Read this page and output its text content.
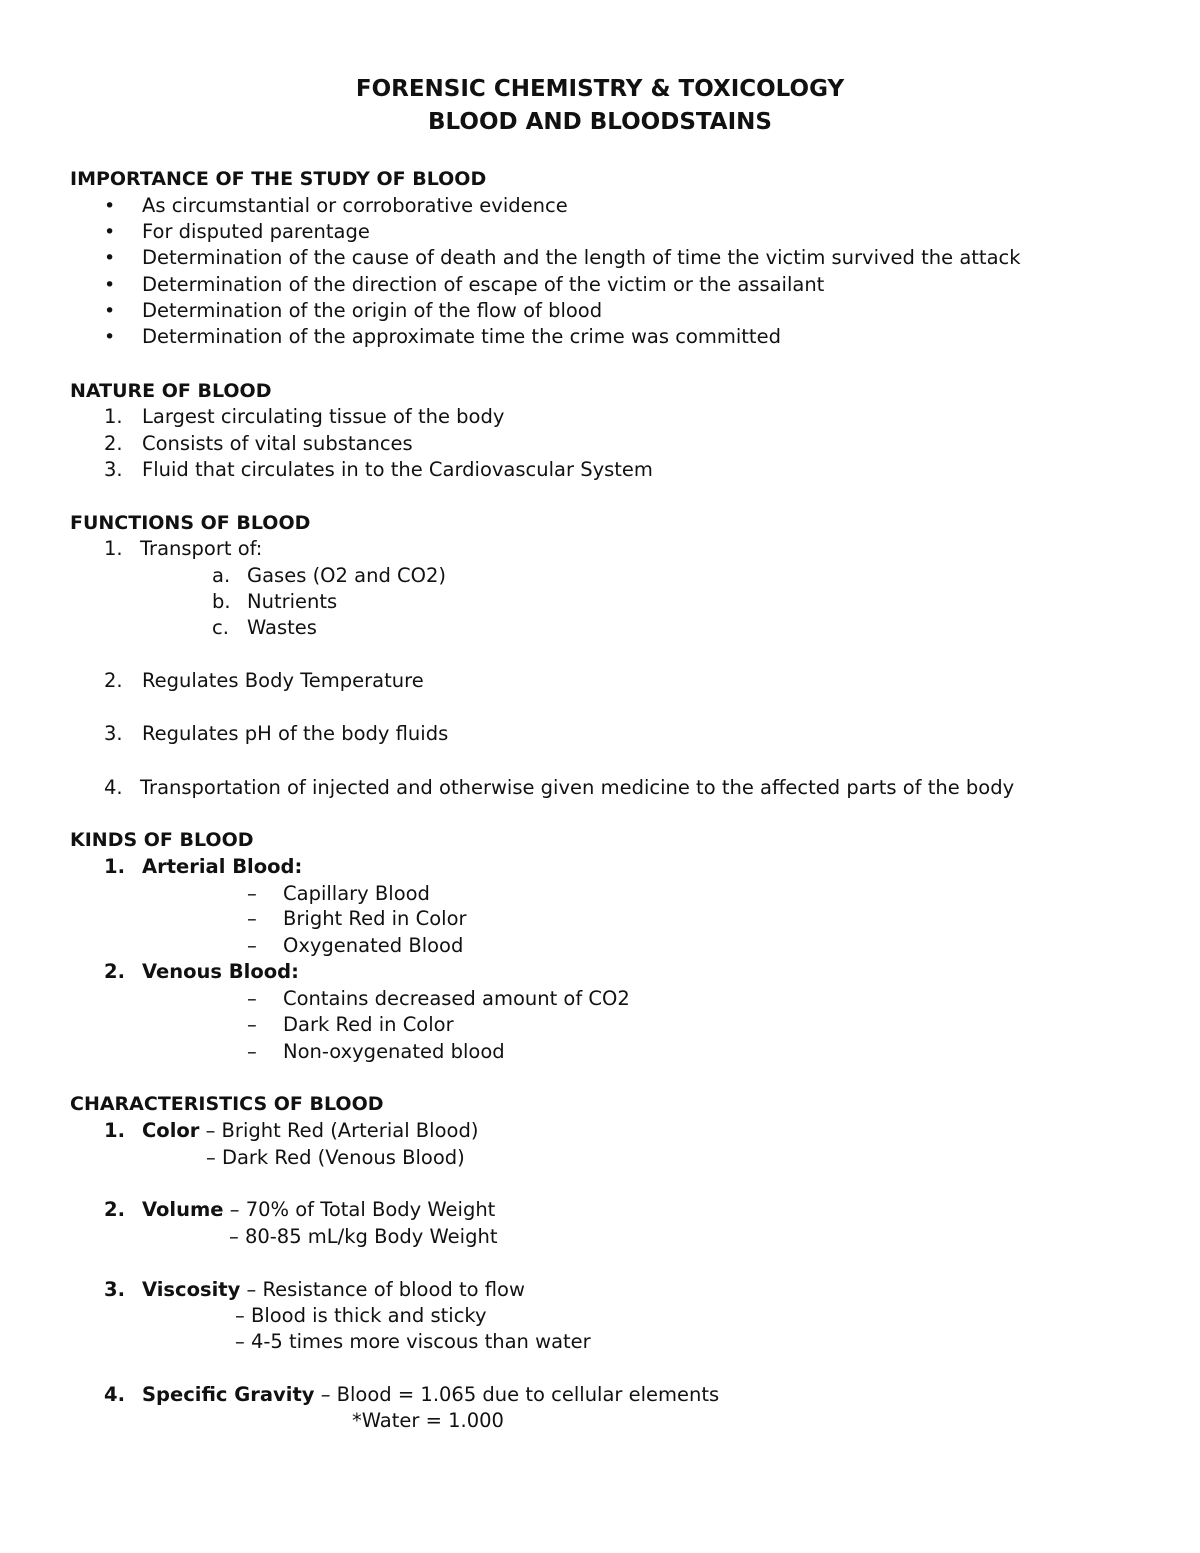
FORENSIC CHEMISTRY & TOXICOLOGY
BLOOD AND BLOODSTAINS
IMPORTANCE OF THE STUDY OF BLOOD
• As circumstantial or corroborative evidence
• For disputed parentage
• Determination of the cause of death and the length of time the victim survived the attack
• Determination of the direction of escape of the victim or the assailant
• Determination of the origin of the flow of blood
• Determination of the approximate time the crime was committed
NATURE OF BLOOD
1. Largest circulating tissue of the body
2. Consists of vital substances
3. Fluid that circulates in to the Cardiovascular System
FUNCTIONS OF BLOOD
1. Transport of:
a. Gases (O2 and CO2)
b. Nutrients
c. Wastes
2. Regulates Body Temperature
3. Regulates pH of the body fluids
4. Transportation of injected and otherwise given medicine to the affected parts of the body
KINDS OF BLOOD
1. Arterial Blood:
– Capillary Blood
– Bright Red in Color
– Oxygenated Blood
2. Venous Blood:
– Contains decreased amount of CO2
– Dark Red in Color
– Non-oxygenated blood
CHARACTERISTICS OF BLOOD
1. Color – Bright Red (Arterial Blood)
– Dark Red (Venous Blood)
2. Volume – 70% of Total Body Weight
– 80-85 mL/kg Body Weight
3. Viscosity – Resistance of blood to flow
– Blood is thick and sticky
– 4-5 times more viscous than water
4. Specific Gravity – Blood = 1.065 due to cellular elements
*Water = 1.000
